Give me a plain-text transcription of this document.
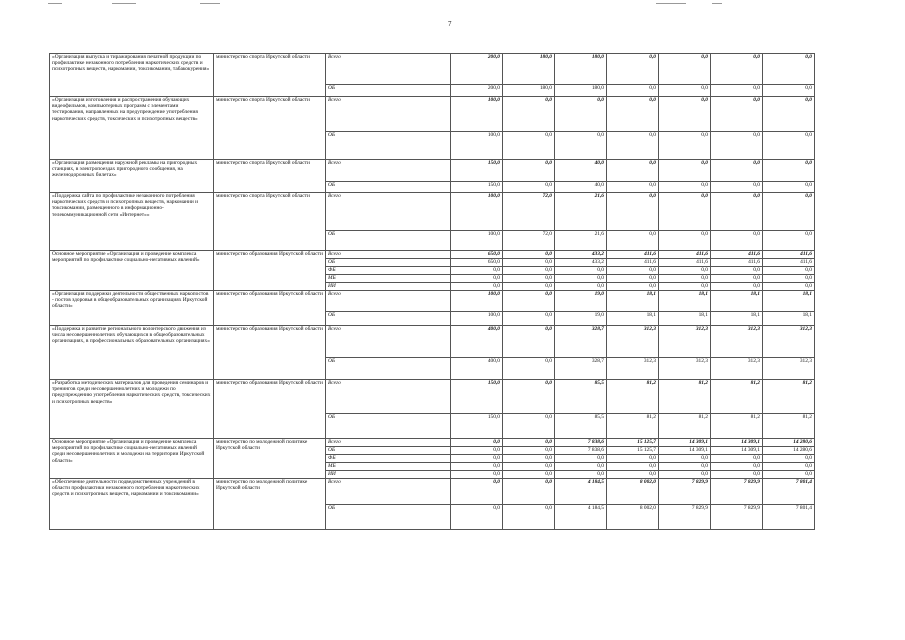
7
«Организация выпуска и тиражирования печатной продукции по профилактике незаконного потребления наркотических средств и психотропных веществ, наркомании, токсикомании, табакокурения»	министерство спорта Иркутской области	Всего	200,0	180,0	180,0	0,0	0,0	0,0	0,0
		ОБ	200,0	180,0	180,0	0,0	0,0	0,0	0,0
«Организация изготовления и распространения обучающих видеофильмов, компьютерных программ с элементами тестирования, направленных на предупреждение употребления наркотических средств, токсических и психотропных веществ»	министерство спорта Иркутской области	Всего	100,0	0,0	0,0	0,0	0,0	0,0	0,0
		ОБ	100,0	0,0	0,0	0,0	0,0	0,0	0,0
«Организация размещения наружной рекламы на пригородных станциях, в электропоездах пригородного сообщения, на железнодорожных билетах»	министерство спорта Иркутской области	Всего	150,0	0,0	40,0	0,0	0,0	0,0	0,0
		ОБ	150,0	0,0	40,0	0,0	0,0	0,0	0,0
«Поддержка сайта по профилактике незаконного потребления наркотических средств и психотропных веществ, наркомании и токсикомании, размещенного в информационно-телекоммуникационной сети «Интернет»»	министерство спорта Иркутской области	Всего	100,0	72,0	21,6	0,0	0,0	0,0	0,0
		ОБ	100,0	72,0	21,6	0,0	0,0	0,0	0,0
Основное мероприятие «Организация и проведение комплекса мероприятий по профилактике социально-негативных явлений»	министерство образования Иркутской области	Всего	650,0	0,0	433,2	411,6	411,6	411,6	411,6
		ОБ	650,0	0,0	433,2	411,6	411,6	411,6	411,6
		ФБ	0,0	0,0	0,0	0,0	0,0	0,0	0,0
		МБ	0,0	0,0	0,0	0,0	0,0	0,0	0,0
		ИИ	0,0	0,0	0,0	0,0	0,0	0,0	0,0
«Организация поддержки деятельности общественных наркопостов - постов здоровья в общеобразовательных организациях Иркутской области»	министерство образования Иркутской области	Всего	100,0	0,0	19,0	18,1	18,1	18,1	18,1
		ОБ	100,0	0,0	19,0	18,1	18,1	18,1	18,1
«Поддержка и развитие регионального волонтерского движения из числа несовершеннолетних обучающихся в общеобразовательных организациях, в профессиональных образовательных организациях»	министерство образования Иркутской области	Всего	400,0	0,0	328,7	312,3	312,3	312,3	312,3
		ОБ	400,0	0,0	328,7	312,3	312,3	312,3	312,3
«Разработка методических материалов для проведения семинаров и тренингов среди несовершеннолетних и молодежи по предупреждению употребления наркотических средств, токсических и психотропных веществ»	министерство образования Иркутской области	Всего	150,0	0,0	85,5	81,2	81,2	81,2	81,2
		ОБ	150,0	0,0	85,5	81,2	81,2	81,2	81,2
Основное мероприятие «Организация и проведение комплекса мероприятий по профилактике социально-негативных явлений среди несовершеннолетних и молодежи на территории Иркутской области»	министерство по молодежной политике Иркутской области	Всего	0,0	0,0	7 838,6	15 125,7	14 309,1	14 309,1	14 280,6
		ОБ	0,0	0,0	7 838,6	15 125,7	14 309,1	14 309,1	14 280,6
		ФБ	0,0	0,0	0,0	0,0	0,0	0,0	0,0
		МБ	0,0	0,0	0,0	0,0	0,0	0,0	0,0
		ИИ	0,0	0,0	0,0	0,0	0,0	0,0	0,0
«Обеспечение деятельности подведомственных учреждений в области профилактики незаконного потребления наркотических средств и психотропных веществ, наркомании и токсикомании»	министерство по молодежной политике Иркутской области	Всего	0,0	0,0	4 184,5	8 002,0	7 829,9	7 829,9	7 801,4
		ОБ	0,0	0,0	4 184,5	8 002,0	7 829,9	7 829,9	7 801,4
